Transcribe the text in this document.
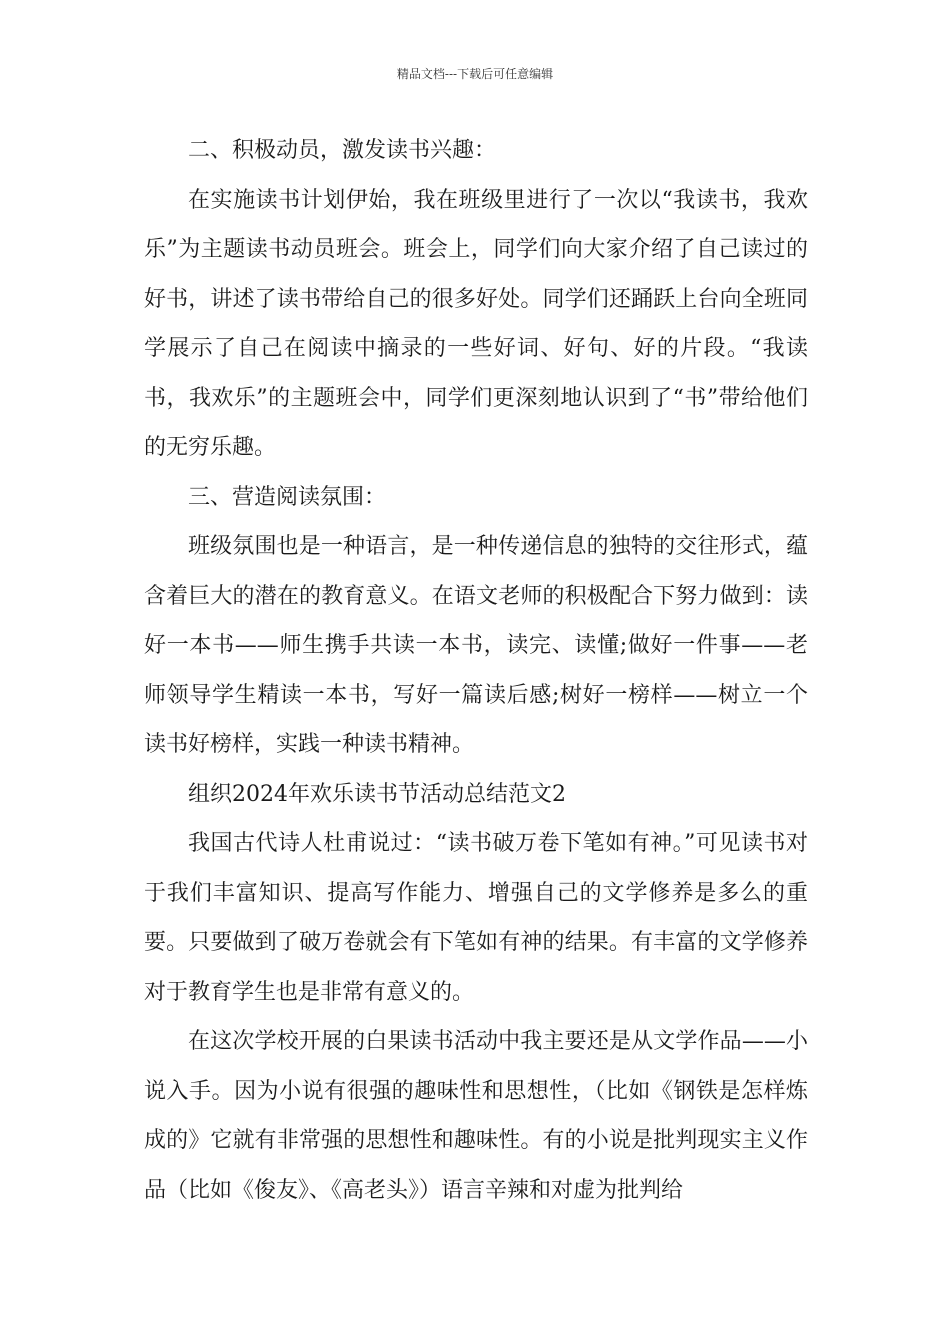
精品文档---下载后可任意编辑

二、积极动员，激发读书兴趣：

在实施读书计划伊始，我在班级里进行了一次以“我读书，我欢乐”为主题读书动员班会。班会上，同学们向大家介绍了自己读过的好书，讲述了读书带给自己的很多好处。同学们还踊跃上台向全班同学展示了自己在阅读中摘录的一些好词、好句、好的片段。“我读书，我欢乐”的主题班会中，同学们更深刻地认识到了“书”带给他们的无穷乐趣。

三、营造阅读氛围：

班级氛围也是一种语言，是一种传递信息的独特的交往形式，蕴含着巨大的潜在的教育意义。在语文老师的积极配合下努力做到：读好一本书——师生携手共读一本书，读完、读懂;做好一件事——老师领导学生精读一本书，写好一篇读后感;树好一榜样——树立一个读书好榜样，实践一种读书精神。

组织2024年欢乐读书节活动总结范文2

我国古代诗人杜甫说过：“读书破万卷下笔如有神。”可见读书对于我们丰富知识、提高写作能力、增强自己的文学修养是多么的重要。只要做到了破万卷就会有下笔如有神的结果。有丰富的文学修养对于教育学生也是非常有意义的。

在这次学校开展的白果读书活动中我主要还是从文学作品——小说入手。因为小说有很强的趣味性和思想性，（比如《钢铁是怎样炼成的》它就有非常强的思想性和趣味性。有的小说是批判现实主义作品（比如《俊友》、《高老头》）语言辛辣和对虚为批判给
